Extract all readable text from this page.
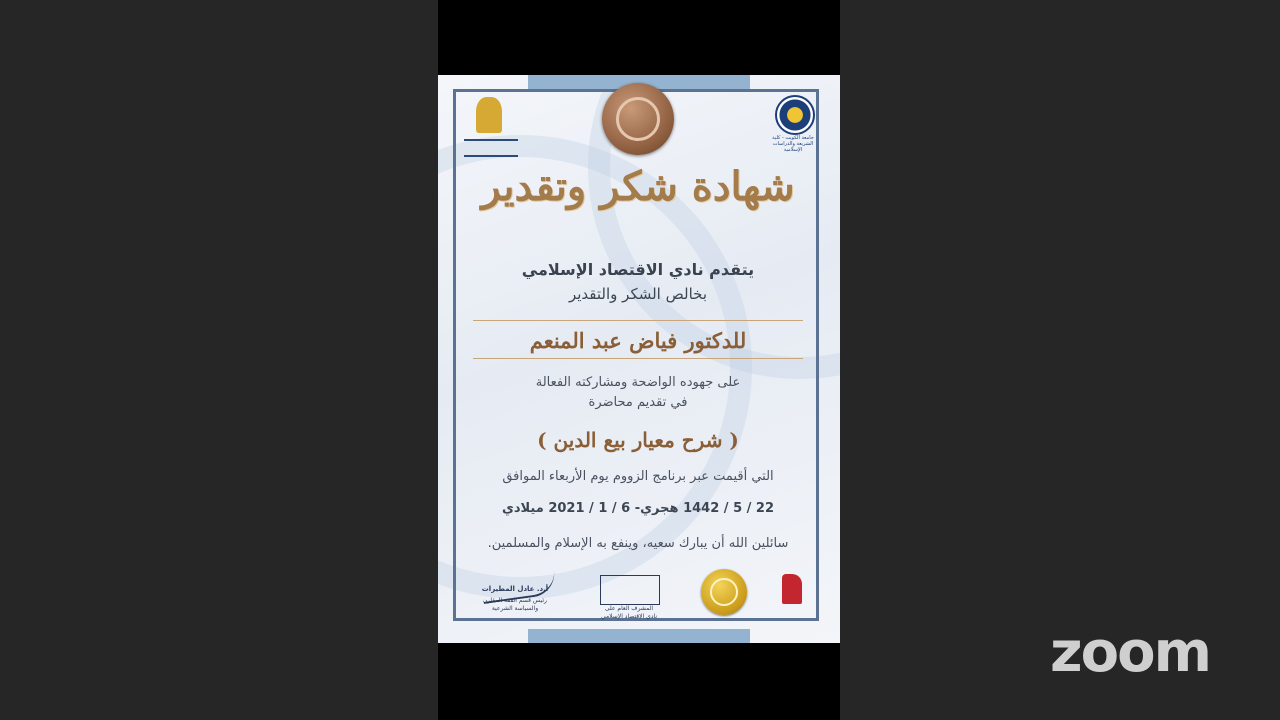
جامعة الكويت - كلية الشريعة والدراسات الإسلامية
شهادة شكر وتقدير
يتقدم نادي الاقتصاد الإسلامي
بخالص الشكر والتقدير
للدكتور فياض عبد المنعم
على جهوده الواضحة ومشاركته الفعالة
في تقديم محاضرة
( شرح معيار بيع الدين )
التي أقيمت عبر برنامج الزووم يوم الأربعاء الموافق
22 / 5 / 1442 هجري- 6 / 1 / 2021 ميلادي
سائلين الله أن يبارك سعيه، وينفع به الإسلام والمسلمين.
أ.د. عادل المطيرات
رئيس قسم الفقه المقارن
والسياسة الشرعية	المشرف العام على
نادي الاقتصاد الإسلامي
zoom
